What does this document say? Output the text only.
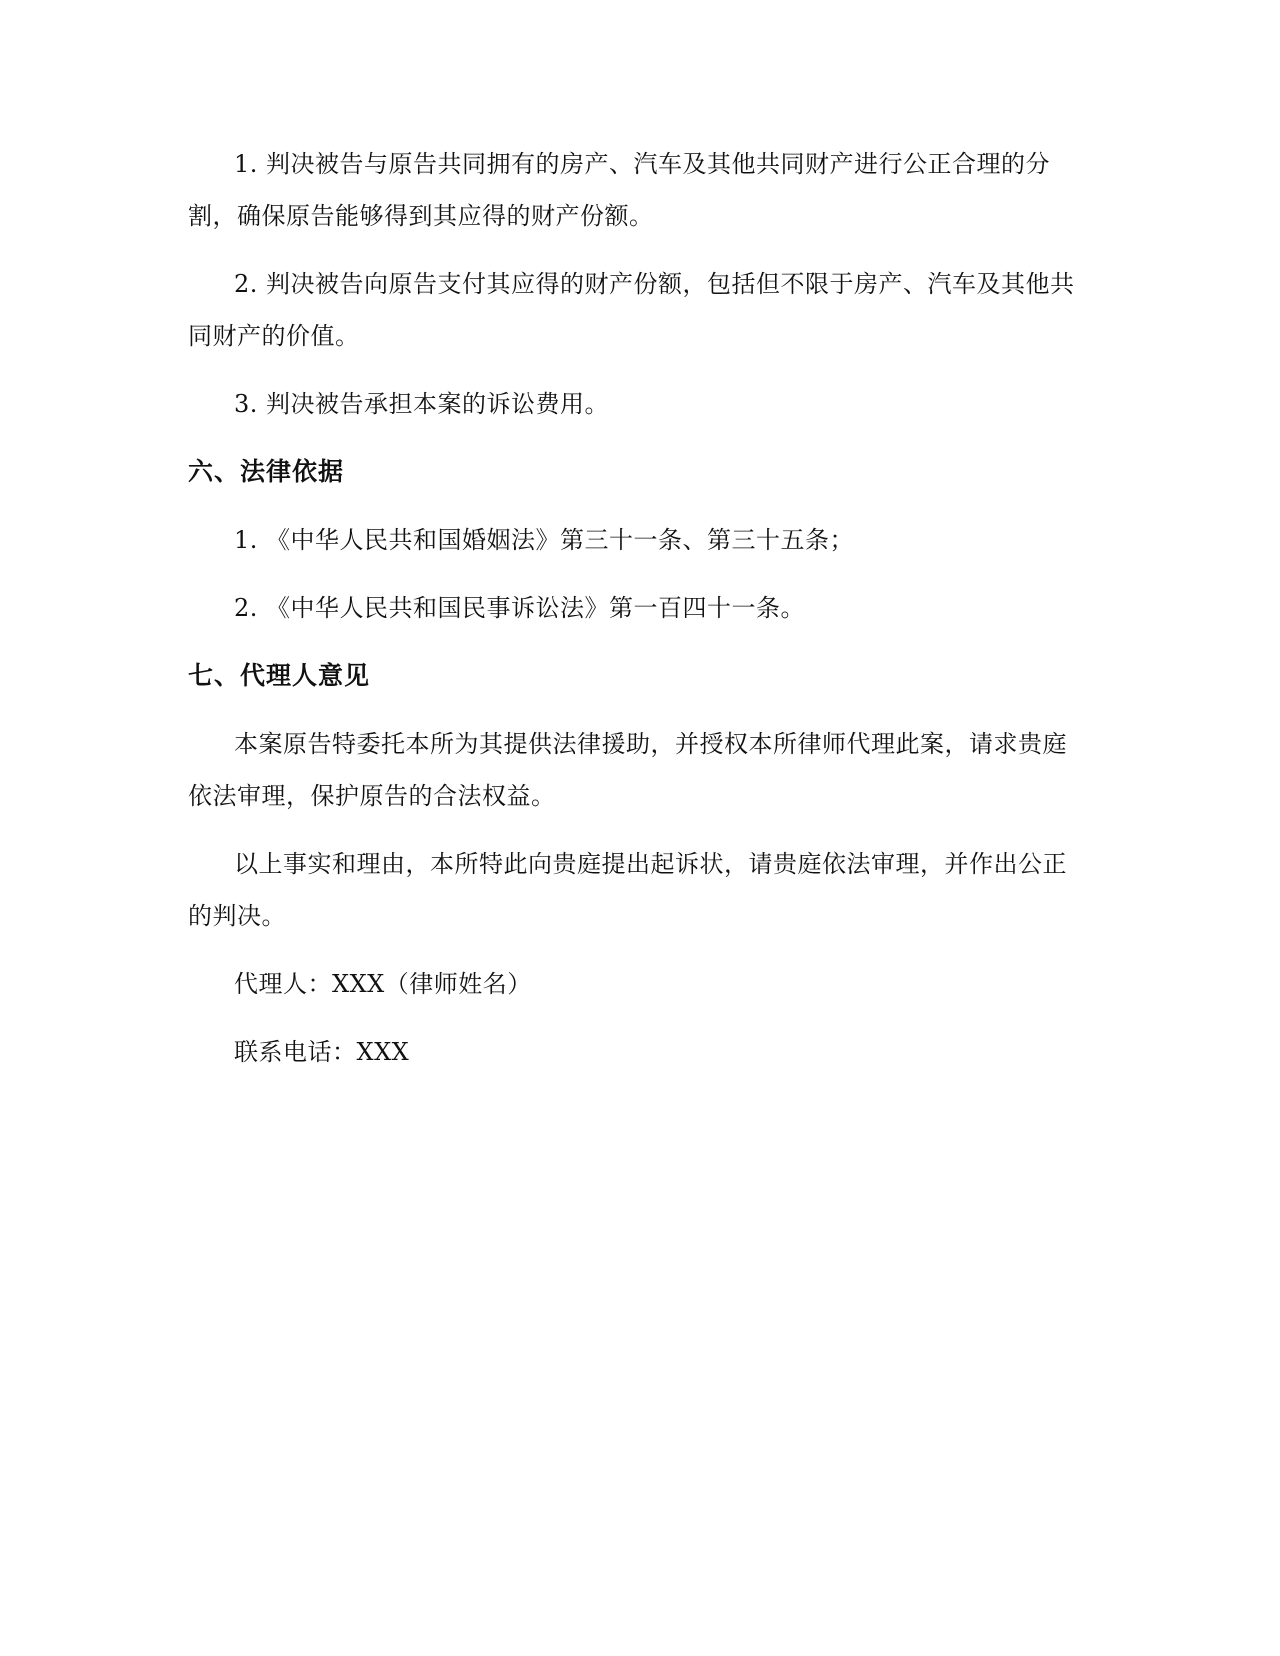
1. 判决被告与原告共同拥有的房产、汽车及其他共同财产进行公正合理的分割，确保原告能够得到其应得的财产份额。

2. 判决被告向原告支付其应得的财产份额，包括但不限于房产、汽车及其他共同财产的价值。

3. 判决被告承担本案的诉讼费用。

六、法律依据

1. 《中华人民共和国婚姻法》第三十一条、第三十五条；

2. 《中华人民共和国民事诉讼法》第一百四十一条。

七、代理人意见

本案原告特委托本所为其提供法律援助，并授权本所律师代理此案，请求贵庭依法审理，保护原告的合法权益。

以上事实和理由，本所特此向贵庭提出起诉状，请贵庭依法审理，并作出公正的判决。

代理人：XXX（律师姓名）

联系电话：XXX
